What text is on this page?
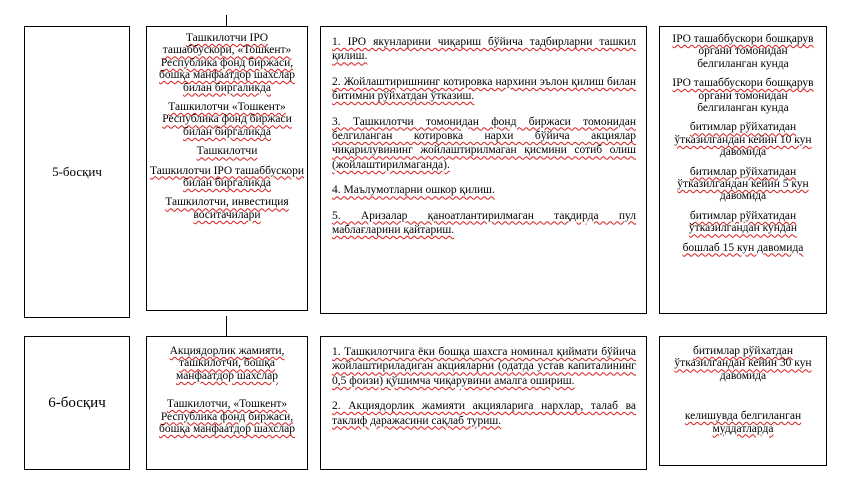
5-босқич

Ташкилотчи IPO

ташаббускори, «Тошкент»

Республика фонд биржаси,

бошқа манфаатдор шахслар

билан биргаликда

Ташкилотчи «Тошкент»

Республика фонд биржаси

билан биргаликда

Ташкилотчи

Ташкилотчи IPO ташаббускори

билан биргаликда

Ташкилотчи, инвестиция

воситачилари

1. IPO якунларини чиқариш бўйича тадбирларни ташкил қилиш.

2. Жойлаштиришнинг котировка нархини эълон қилиш билан битимни рўйхатдан ўтказиш.

3. Ташкилотчи томонидан фонд биржаси томонидан белгиланган котировка нархи бўйича акциялар чиқарилувининг жойлаштирилмаган қисмини сотиб олиш (жойлаштирилмаганда).

4. Маълумотларни ошкор қилиш.

5. Аризалар қаноатлантирилмаган тақдирда пул маблағларини қайтариш.

IPO ташаббускори бошқарув

органи томонидан

белгиланган кунда

IPO ташаббускори бошқарув

органи томонидан

белгиланган кунда

битимлар рўйхатидан

ўтказилгандан кейин 10 кун

давомида

битимлар рўйхатидан

ўтказилгандан кейин 5 кун

давомида

битимлар рўйхатидан

ўтказилгандан кундан

бошлаб 15 кун давомида

6-босқич

Акциядорлик жамияти,

ташкилотчи, бошқа

манфаатдор шахслар

Ташкилотчи, «Тошкент»

Республика фонд биржаси,

бошқа манфаатдор шахслар

1. Ташкилотчига ёки бошқа шахсга номинал қиймати бўйича жойлаштириладиган акцияларни (одатда устав капиталининг 0,5 фоизи) қўшимча чиқарувини амалга ошириш.

2. Акциядорлик жамияти акцияларига нархлар, талаб ва таклиф даражасини сақлаб туриш.

битимлар рўйхатдан

ўтказилгандан кейин 30 кун

давомида

келишувда белгиланган

муддатларда
